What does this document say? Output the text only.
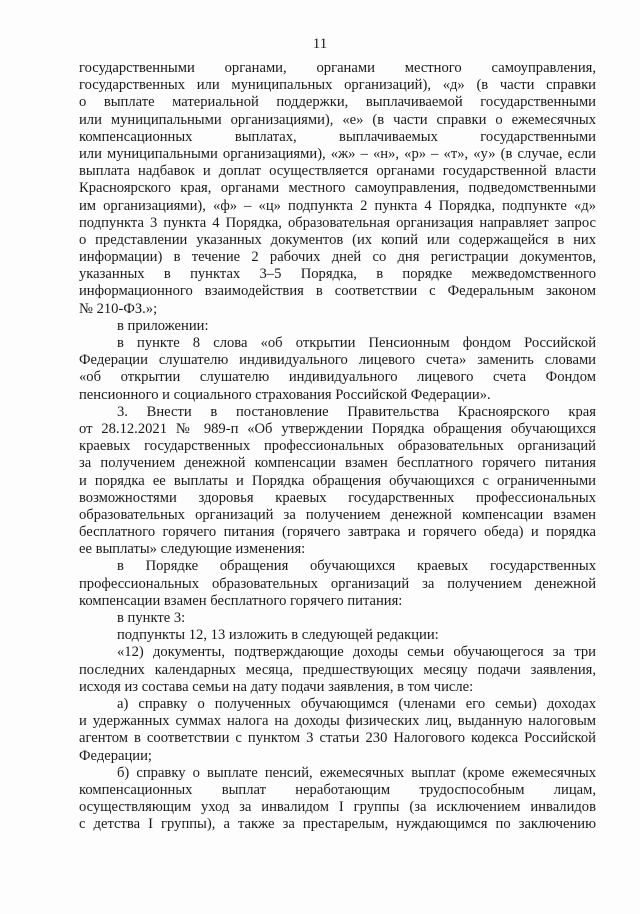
11
государственными органами, органами местного самоуправления,
государственных или муниципальных организаций), «д» (в части справки
о выплате материальной поддержки, выплачиваемой государственными
или муниципальными организациями), «е» (в части справки о ежемесячных
компенсационных выплатах, выплачиваемых государственными
или муниципальными организациями), «ж» – «н», «р» – «т», «у» (в случае, если
выплата надбавок и доплат осуществляется органами государственной власти
Красноярского края, органами местного самоуправления, подведомственными
им организациями), «ф» – «ц» подпункта 2 пункта 4 Порядка, подпункте «д»
подпункта 3 пункта 4 Порядка, образовательная организация направляет запрос
о представлении указанных документов (их копий или содержащейся в них
информации) в течение 2 рабочих дней со дня регистрации документов,
указанных в пунктах 3–5 Порядка, в порядке межведомственного
информационного взаимодействия в соответствии с Федеральным законом
№ 210-ФЗ.»;
в приложении:
в пункте 8 слова «об открытии Пенсионным фондом Российской
Федерации слушателю индивидуального лицевого счета» заменить словами
«об открытии слушателю индивидуального лицевого счета Фондом
пенсионного и социального страхования Российской Федерации».
3. Внести в постановление Правительства Красноярского края
от 28.12.2021 № 989-п «Об утверждении Порядка обращения обучающихся
краевых государственных профессиональных образовательных организаций
за получением денежной компенсации взамен бесплатного горячего питания
и порядка ее выплаты и Порядка обращения обучающихся с ограниченными
возможностями здоровья краевых государственных профессиональных
образовательных организаций за получением денежной компенсации взамен
бесплатного горячего питания (горячего завтрака и горячего обеда) и порядка
ее выплаты» следующие изменения:
в Порядке обращения обучающихся краевых государственных
профессиональных образовательных организаций за получением денежной
компенсации взамен бесплатного горячего питания:
в пункте 3:
подпункты 12, 13 изложить в следующей редакции:
«12) документы, подтверждающие доходы семьи обучающегося за три
последних календарных месяца, предшествующих месяцу подачи заявления,
исходя из состава семьи на дату подачи заявления, в том числе:
а) справку о полученных обучающимся (членами его семьи) доходах
и удержанных суммах налога на доходы физических лиц, выданную налоговым
агентом в соответствии с пунктом 3 статьи 230 Налогового кодекса Российской
Федерации;
б) справку о выплате пенсий, ежемесячных выплат (кроме ежемесячных
компенсационных выплат неработающим трудоспособным лицам,
осуществляющим уход за инвалидом I группы (за исключением инвалидов
с детства I группы), а также за престарелым, нуждающимся по заключению
